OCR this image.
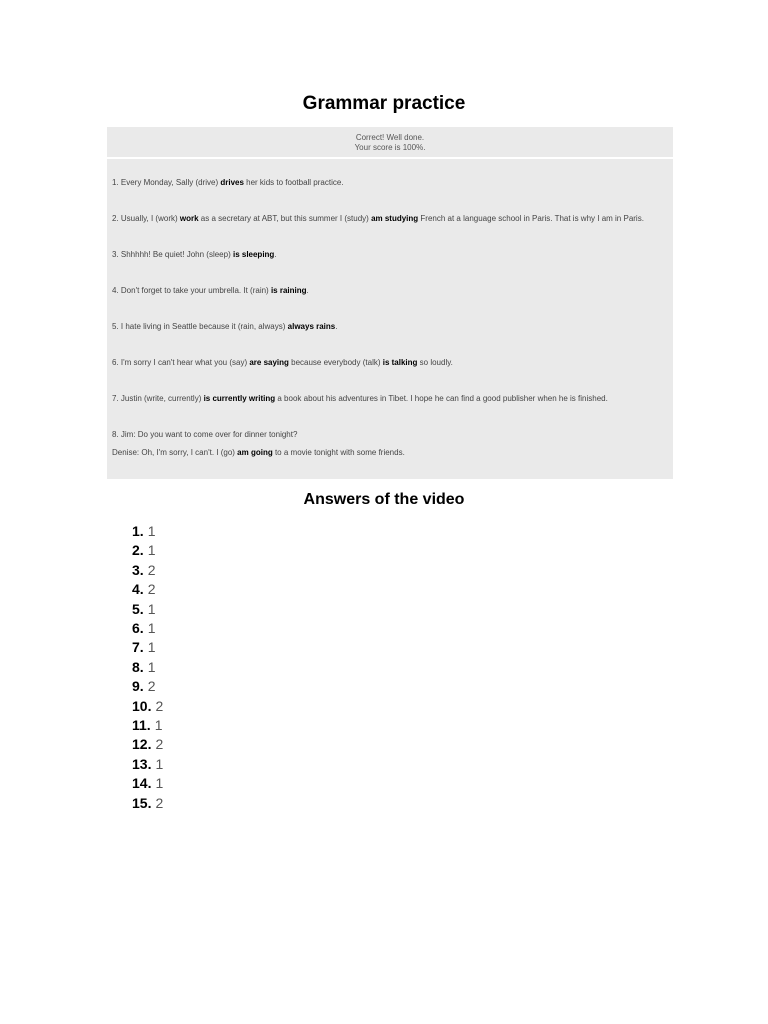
Grammar practice
Correct! Well done.
Your score is 100%.
1. Every Monday, Sally (drive) drives her kids to football practice.
2. Usually, I (work) work as a secretary at ABT, but this summer I (study) am studying French at a language school in Paris. That is why I am in Paris.
3. Shhhhh! Be quiet! John (sleep) is sleeping.
4. Don't forget to take your umbrella. It (rain) is raining.
5. I hate living in Seattle because it (rain, always) always rains.
6. I'm sorry I can't hear what you (say) are saying because everybody (talk) is talking so loudly.
7. Justin (write, currently) is currently writing a book about his adventures in Tibet. I hope he can find a good publisher when he is finished.
8. Jim: Do you want to come over for dinner tonight?
Denise: Oh, I'm sorry, I can't. I (go) am going to a movie tonight with some friends.
Answers of the video
1. 1
2. 1
3. 2
4. 2
5. 1
6. 1
7. 1
8. 1
9. 2
10. 2
11. 1
12. 2
13. 1
14. 1
15. 2
